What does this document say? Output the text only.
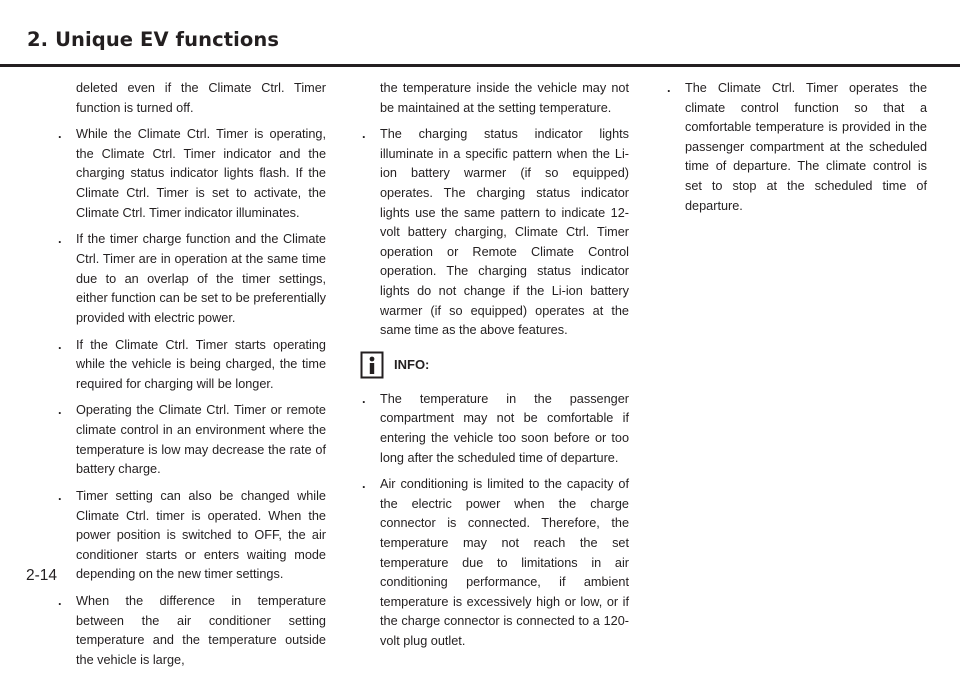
2. Unique EV functions

deleted even if the Climate Ctrl. Timer function is turned off.

. While the Climate Ctrl. Timer is operating, the Climate Ctrl. Timer indicator and the charging status indicator lights flash. If the Climate Ctrl. Timer is set to activate, the Climate Ctrl. Timer indicator illuminates.
. If the timer charge function and the Climate Ctrl. Timer are in operation at the same time due to an overlap of the timer settings, either function can be set to be preferentially provided with electric power.
. If the Climate Ctrl. Timer starts operating while the vehicle is being charged, the time required for charging will be longer.
. Operating the Climate Ctrl. Timer or remote climate control in an environment where the temperature is low may decrease the rate of battery charge.
. Timer setting can also be changed while Climate Ctrl. timer is operated. When the power position is switched to OFF, the air conditioner starts or enters waiting mode depending on the new timer settings.
. When the difference in temperature between the air conditioner setting temperature and the temperature outside the vehicle is large,

the temperature inside the vehicle may not be maintained at the setting temperature.

. The charging status indicator lights illuminate in a specific pattern when the Li-ion battery warmer (if so equipped) operates. The charging status indicator lights use the same pattern to indicate 12-volt battery charging, Climate Ctrl. Timer operation or Remote Climate Control operation. The charging status indicator lights do not change if the Li-ion battery warmer (if so equipped) operates at the same time as the above features.
INFO:
. The temperature in the passenger compartment may not be comfortable if entering the vehicle too soon before or too long after the scheduled time of departure.
. Air conditioning is limited to the capacity of the electric power when the charge connector is connected. Therefore, the temperature may not reach the set temperature due to limitations in air conditioning performance, if ambient temperature is excessively high or low, or if the charge connector is connected to a 120-volt plug outlet.
. The Climate Ctrl. Timer operates the climate control function so that a comfortable temperature is provided in the passenger compartment at the scheduled time of departure. The climate control is set to stop at the scheduled time of departure.
2-14
